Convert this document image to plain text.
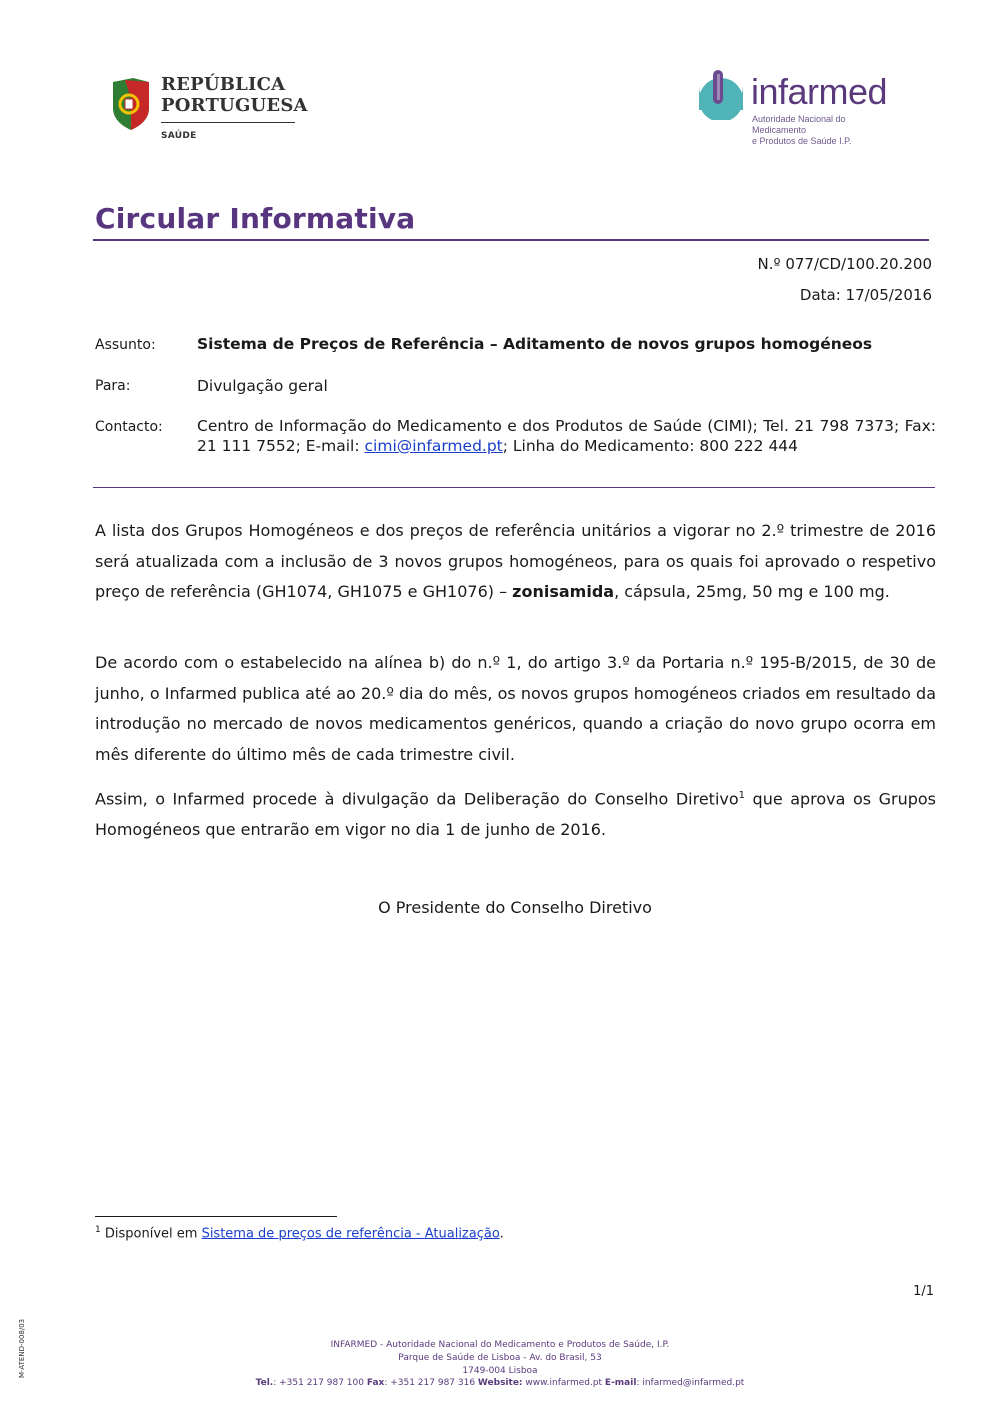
REPÚBLICA
PORTUGUESA
SAÚDE
infarmed
Autoridade Nacional do Medicamento
e Produtos de Saúde I.P.
Circular Informativa
N.º 077/CD/100.20.200
Data: 17/05/2016
Assunto:	Sistema de Preços de Referência – Aditamento de novos grupos homogéneos
Para:	Divulgação geral
Contacto: Centro de Informação do Medicamento e dos Produtos de Saúde (CIMI); Tel. 21 798 7373; Fax: 21 111 7552; E-mail: cimi@infarmed.pt; Linha do Medicamento: 800 222 444
A lista dos Grupos Homogéneos e dos preços de referência unitários a vigorar no 2.º trimestre de 2016 será atualizada com a inclusão de 3 novos grupos homogéneos, para os quais foi aprovado o respetivo preço de referência (GH1074, GH1075 e GH1076) – zonisamida, cápsula, 25mg, 50 mg e 100 mg.
De acordo com o estabelecido na alínea b) do n.º 1, do artigo 3.º da Portaria n.º 195-B/2015, de 30 de junho, o Infarmed publica até ao 20.º dia do mês, os novos grupos homogéneos criados em resultado da introdução no mercado de novos medicamentos genéricos, quando a criação do novo grupo ocorra em mês diferente do último mês de cada trimestre civil.
Assim, o Infarmed procede à divulgação da Deliberação do Conselho Diretivo$^1$ que aprova os Grupos Homogéneos que entrarão em vigor no dia 1 de junho de 2016.
O Presidente do Conselho Diretivo
$^1$ Disponível em Sistema de preços de referência - Atualização.
1/1
M-ATEND-008/03	INFARMED - Autoridade Nacional do Medicamento e Produtos de Saúde, I.P.
Parque de Saúde de Lisboa - Av. do Brasil, 53
1749-004 Lisboa
Tel.: +351 217 987 100 Fax: +351 217 987 316 Website: www.infarmed.pt E-mail: infarmed@infarmed.pt
